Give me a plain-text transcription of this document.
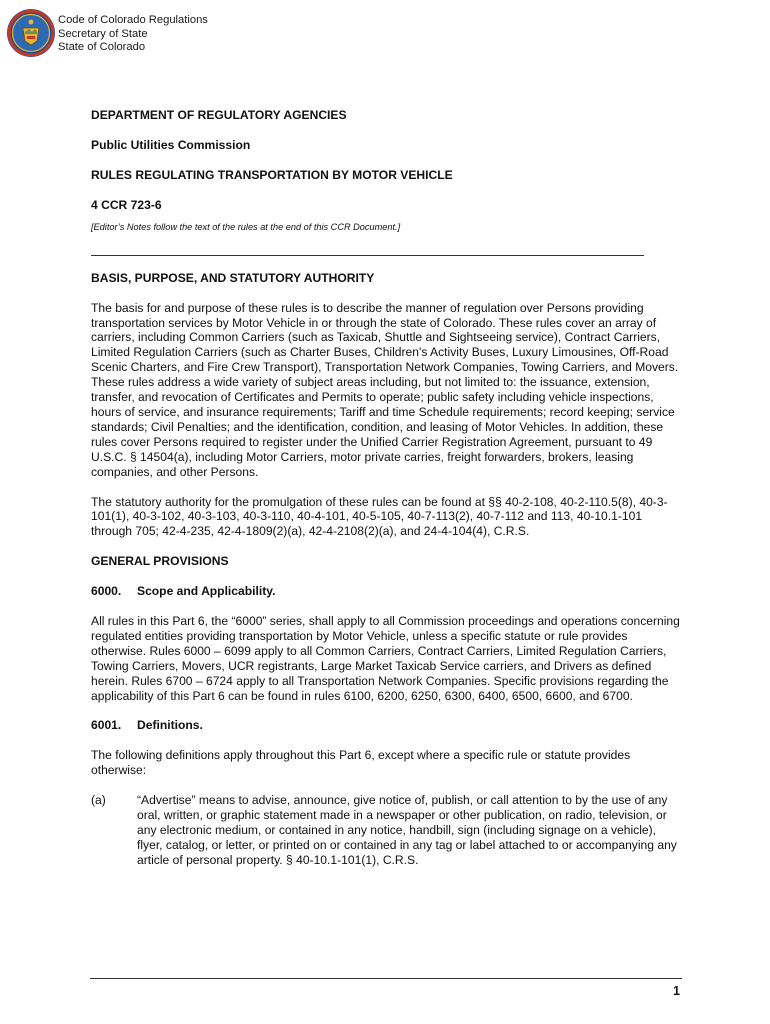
Code of Colorado Regulations
Secretary of State
State of Colorado

DEPARTMENT OF REGULATORY AGENCIES

Public Utilities Commission

RULES REGULATING TRANSPORTATION BY MOTOR VEHICLE

4 CCR 723-6

[Editor’s Notes follow the text of the rules at the end of this CCR Document.]

BASIS, PURPOSE, AND STATUTORY AUTHORITY

The basis for and purpose of these rules is to describe the manner of regulation over Persons providing transportation services by Motor Vehicle in or through the state of Colorado. These rules cover an array of carriers, including Common Carriers (such as Taxicab, Shuttle and Sightseeing service), Contract Carriers, Limited Regulation Carriers (such as Charter Buses, Children's Activity Buses, Luxury Limousines, Off-Road Scenic Charters, and Fire Crew Transport), Transportation Network Companies, Towing Carriers, and Movers. These rules address a wide variety of subject areas including, but not limited to: the issuance, extension, transfer, and revocation of Certificates and Permits to operate; public safety including vehicle inspections, hours of service, and insurance requirements; Tariff and time Schedule requirements; record keeping; service standards; Civil Penalties; and the identification, condition, and leasing of Motor Vehicles. In addition, these rules cover Persons required to register under the Unified Carrier Registration Agreement, pursuant to 49 U.S.C. § 14504(a), including Motor Carriers, motor private carries, freight forwarders, brokers, leasing companies, and other Persons.

The statutory authority for the promulgation of these rules can be found at §§ 40-2-108, 40-2-110.5(8), 40-3-101(1), 40-3-102, 40-3-103, 40-3-110, 40-4-101, 40-5-105, 40-7-113(2), 40-7-112 and 113, 40-10.1-101 through 705; 42-4-235, 42-4-1809(2)(a), 42-4-2108(2)(a), and 24-4-104(4), C.R.S.

GENERAL PROVISIONS

6000.	Scope and Applicability.

All rules in this Part 6, the “6000” series, shall apply to all Commission proceedings and operations concerning regulated entities providing transportation by Motor Vehicle, unless a specific statute or rule provides otherwise. Rules 6000 – 6099 apply to all Common Carriers, Contract Carriers, Limited Regulation Carriers, Towing Carriers, Movers, UCR registrants, Large Market Taxicab Service carriers, and Drivers as defined herein. Rules 6700 – 6724 apply to all Transportation Network Companies. Specific provisions regarding the applicability of this Part 6 can be found in rules 6100, 6200, 6250, 6300, 6400, 6500, 6600, and 6700.

6001.	Definitions.

The following definitions apply throughout this Part 6, except where a specific rule or statute provides otherwise:

(a)	“Advertise” means to advise, announce, give notice of, publish, or call attention to by the use of any oral, written, or graphic statement made in a newspaper or other publication, on radio, television, or any electronic medium, or contained in any notice, handbill, sign (including signage on a vehicle), flyer, catalog, or letter, or printed on or contained in any tag or label attached to or accompanying any article of personal property. § 40-10.1-101(1), C.R.S.
1
